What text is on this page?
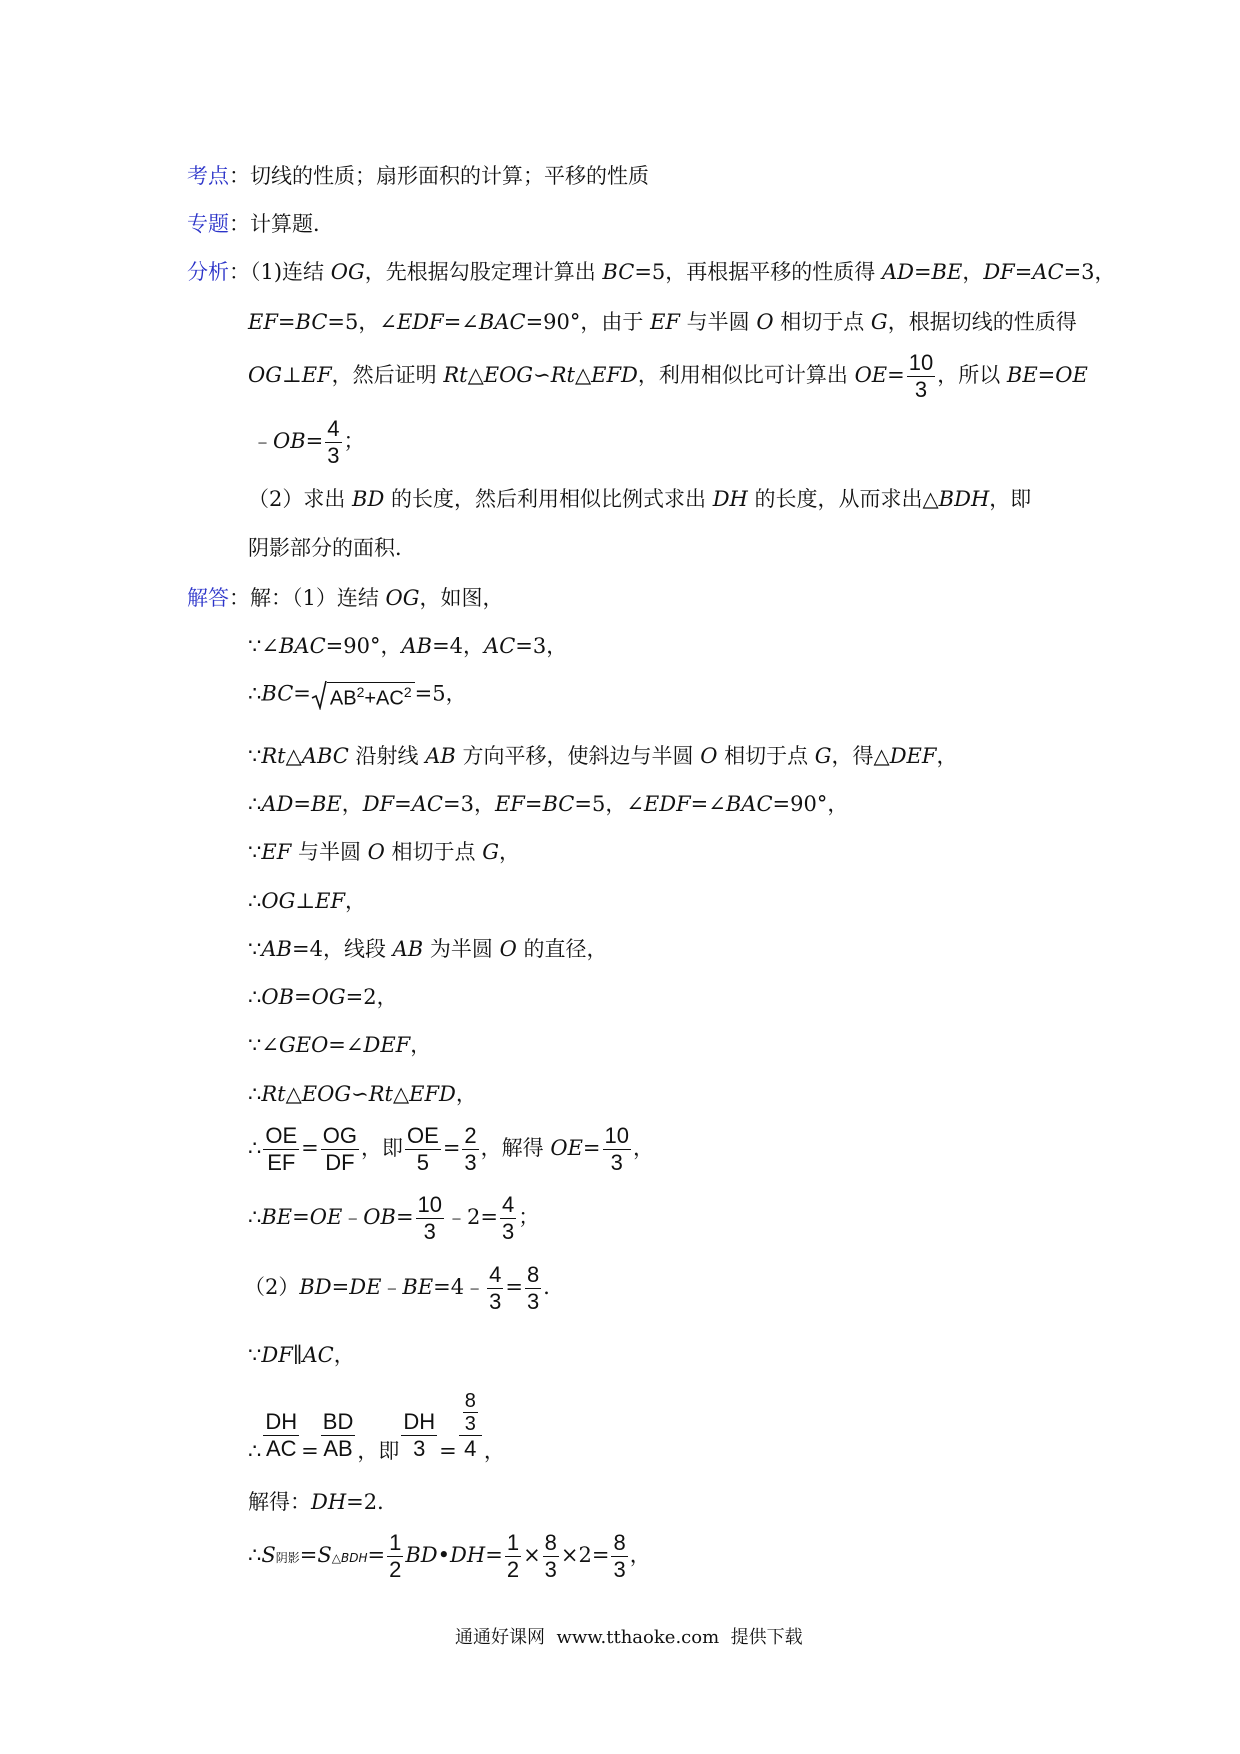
考点：切线的性质；扇形面积的计算；平移的性质
专题：计算题．
分析：（1)连结 OG，先根据勾股定理计算出 BC=5，再根据平移的性质得 AD=BE，DF=AC=3，
EF=BC=5，∠EDF=∠BAC=90°，由于 EF 与半圆 O 相切于点 G，根据切线的性质得
OG⊥EF，然后证明 Rt△EOG∽Rt△EFD，利用相似比可计算出 $OE= \frac{10}{3}$ ，所以 BE=OE
﹣OB= $\frac{4}{3}$ ；
（2）求出 BD 的长度，然后利用相似比例式求出 DH 的长度，从而求出△BDH，即
阴影部分的面积．
解答：解：（1）连结 OG，如图，
∵∠BAC=90°，AB=4，AC=3，
∴BC= $AB^2+AC^2 =5$，
∵Rt△ABC 沿射线 AB 方向平移，使斜边与半圆 O 相切于点 G，得△DEF，
∴AD=BE，DF=AC=3，EF=BC=5，∠EDF=∠BAC=90°，
∵EF 与半圆 O 相切于点 G，
∴OG⊥EF，
∵AB=4，线段 AB 为半圆 O 的直径，
∴OB=OG=2，
∵∠GEO=∠DEF，
∴Rt△EOG∽Rt△EFD，
∴ $\frac{OE}{EF} = \frac{OG}{DF}$ ，即 $\frac{OE}{5} = \frac{2}{3}$ ，解得 $OE= \frac{10}{3}$ ，
∴BE=OE﹣OB= $\frac{10}{3}$ ﹣2= $\frac{4}{3}$ ；
（2）BD=DE﹣BE=4﹣ $\frac{4}{3} = \frac{8}{3}$ ．
∵DF∥AC，
∴ $\frac{DH}{AC} = \frac{BD}{AB}$ ，即 $\frac{DH}{3} = \frac{\frac{8}{3}}{4}$ ，
解得：DH=2．
∴S阴影=S△BDH= $\frac{1}{2}$ BD•DH= $\frac{1}{2} \times \frac{8}{3} \times 2= \frac{8}{3}$ ，
通通好课网  www.tthaoke.com  提供下载
